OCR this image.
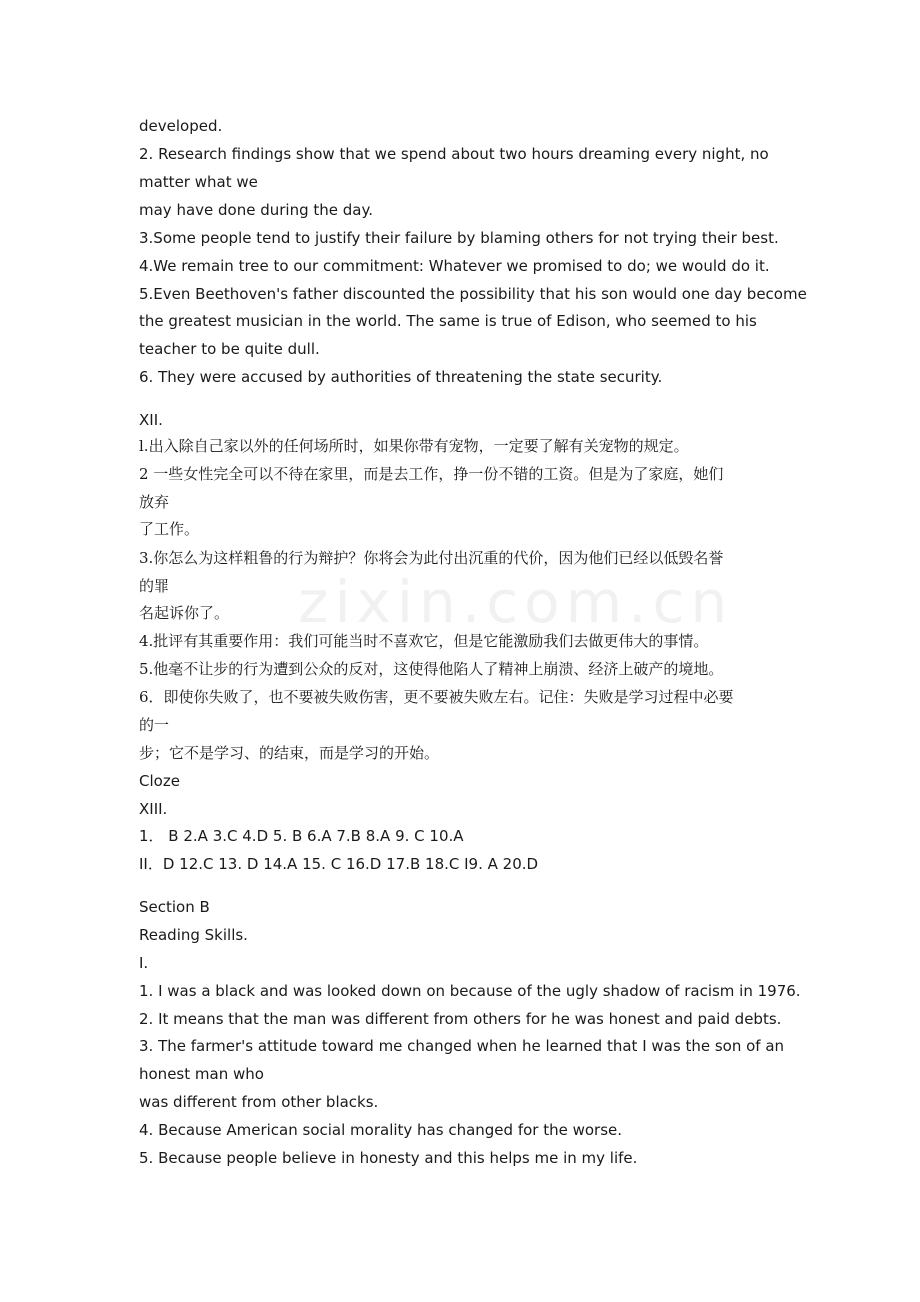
zixin.com.cn
developed.
2. Research findings show that we spend about two hours dreaming every night, no
matter what we
may have done during the day.
3.Some people tend to justify their failure by blaming others for not trying their best.
4.We remain tree to our commitment: Whatever we promised to do; we would do it.
5.Even Beethoven's father discounted the possibility that his son would one day become
the greatest musician in the world. The same is true of Edison, who seemed to his
teacher to be quite dull.
6. They were accused by authorities of threatening the state security.
XII.
l.出入除自己家以外的任何场所时，如果你带有宠物，一定要了解有关宠物的规定。
2 一些女性完全可以不待在家里，而是去工作，挣一份不错的工资。但是为了家庭，她们
放弃
了工作。
3.你怎么为这样粗鲁的行为辩护？你将会为此付出沉重的代价，因为他们已经以低毁名誉
的罪
名起诉你了。
4.批评有其重要作用：我们可能当时不喜欢它，但是它能激励我们去做更伟大的事情。
5.他毫不让步的行为遭到公众的反对，这使得他陷人了精神上崩溃、经济上破产的境地。
6．即使你失败了，也不要被失败伤害，更不要被失败左右。记住：失败是学习过程中必要
的一
步；它不是学习、的结束，而是学习的开始。
Cloze
XIII.
1． B 2.A 3.C 4.D 5. B 6.A 7.B 8.A 9. C 10.A
II．D 12.C 13. D 14.A 15. C 16.D 17.B 18.C I9. A 20.D
Section B
Reading Skills.
I.
1. I was a black and was looked down on because of the ugly shadow of racism in 1976.
2. It means that the man was different from others for he was honest and paid debts.
3. The farmer's attitude toward me changed when he learned that I was the son of an
honest man who
was different from other blacks.
4. Because American social morality has changed for the worse.
5. Because people believe in honesty and this helps me in my life.
